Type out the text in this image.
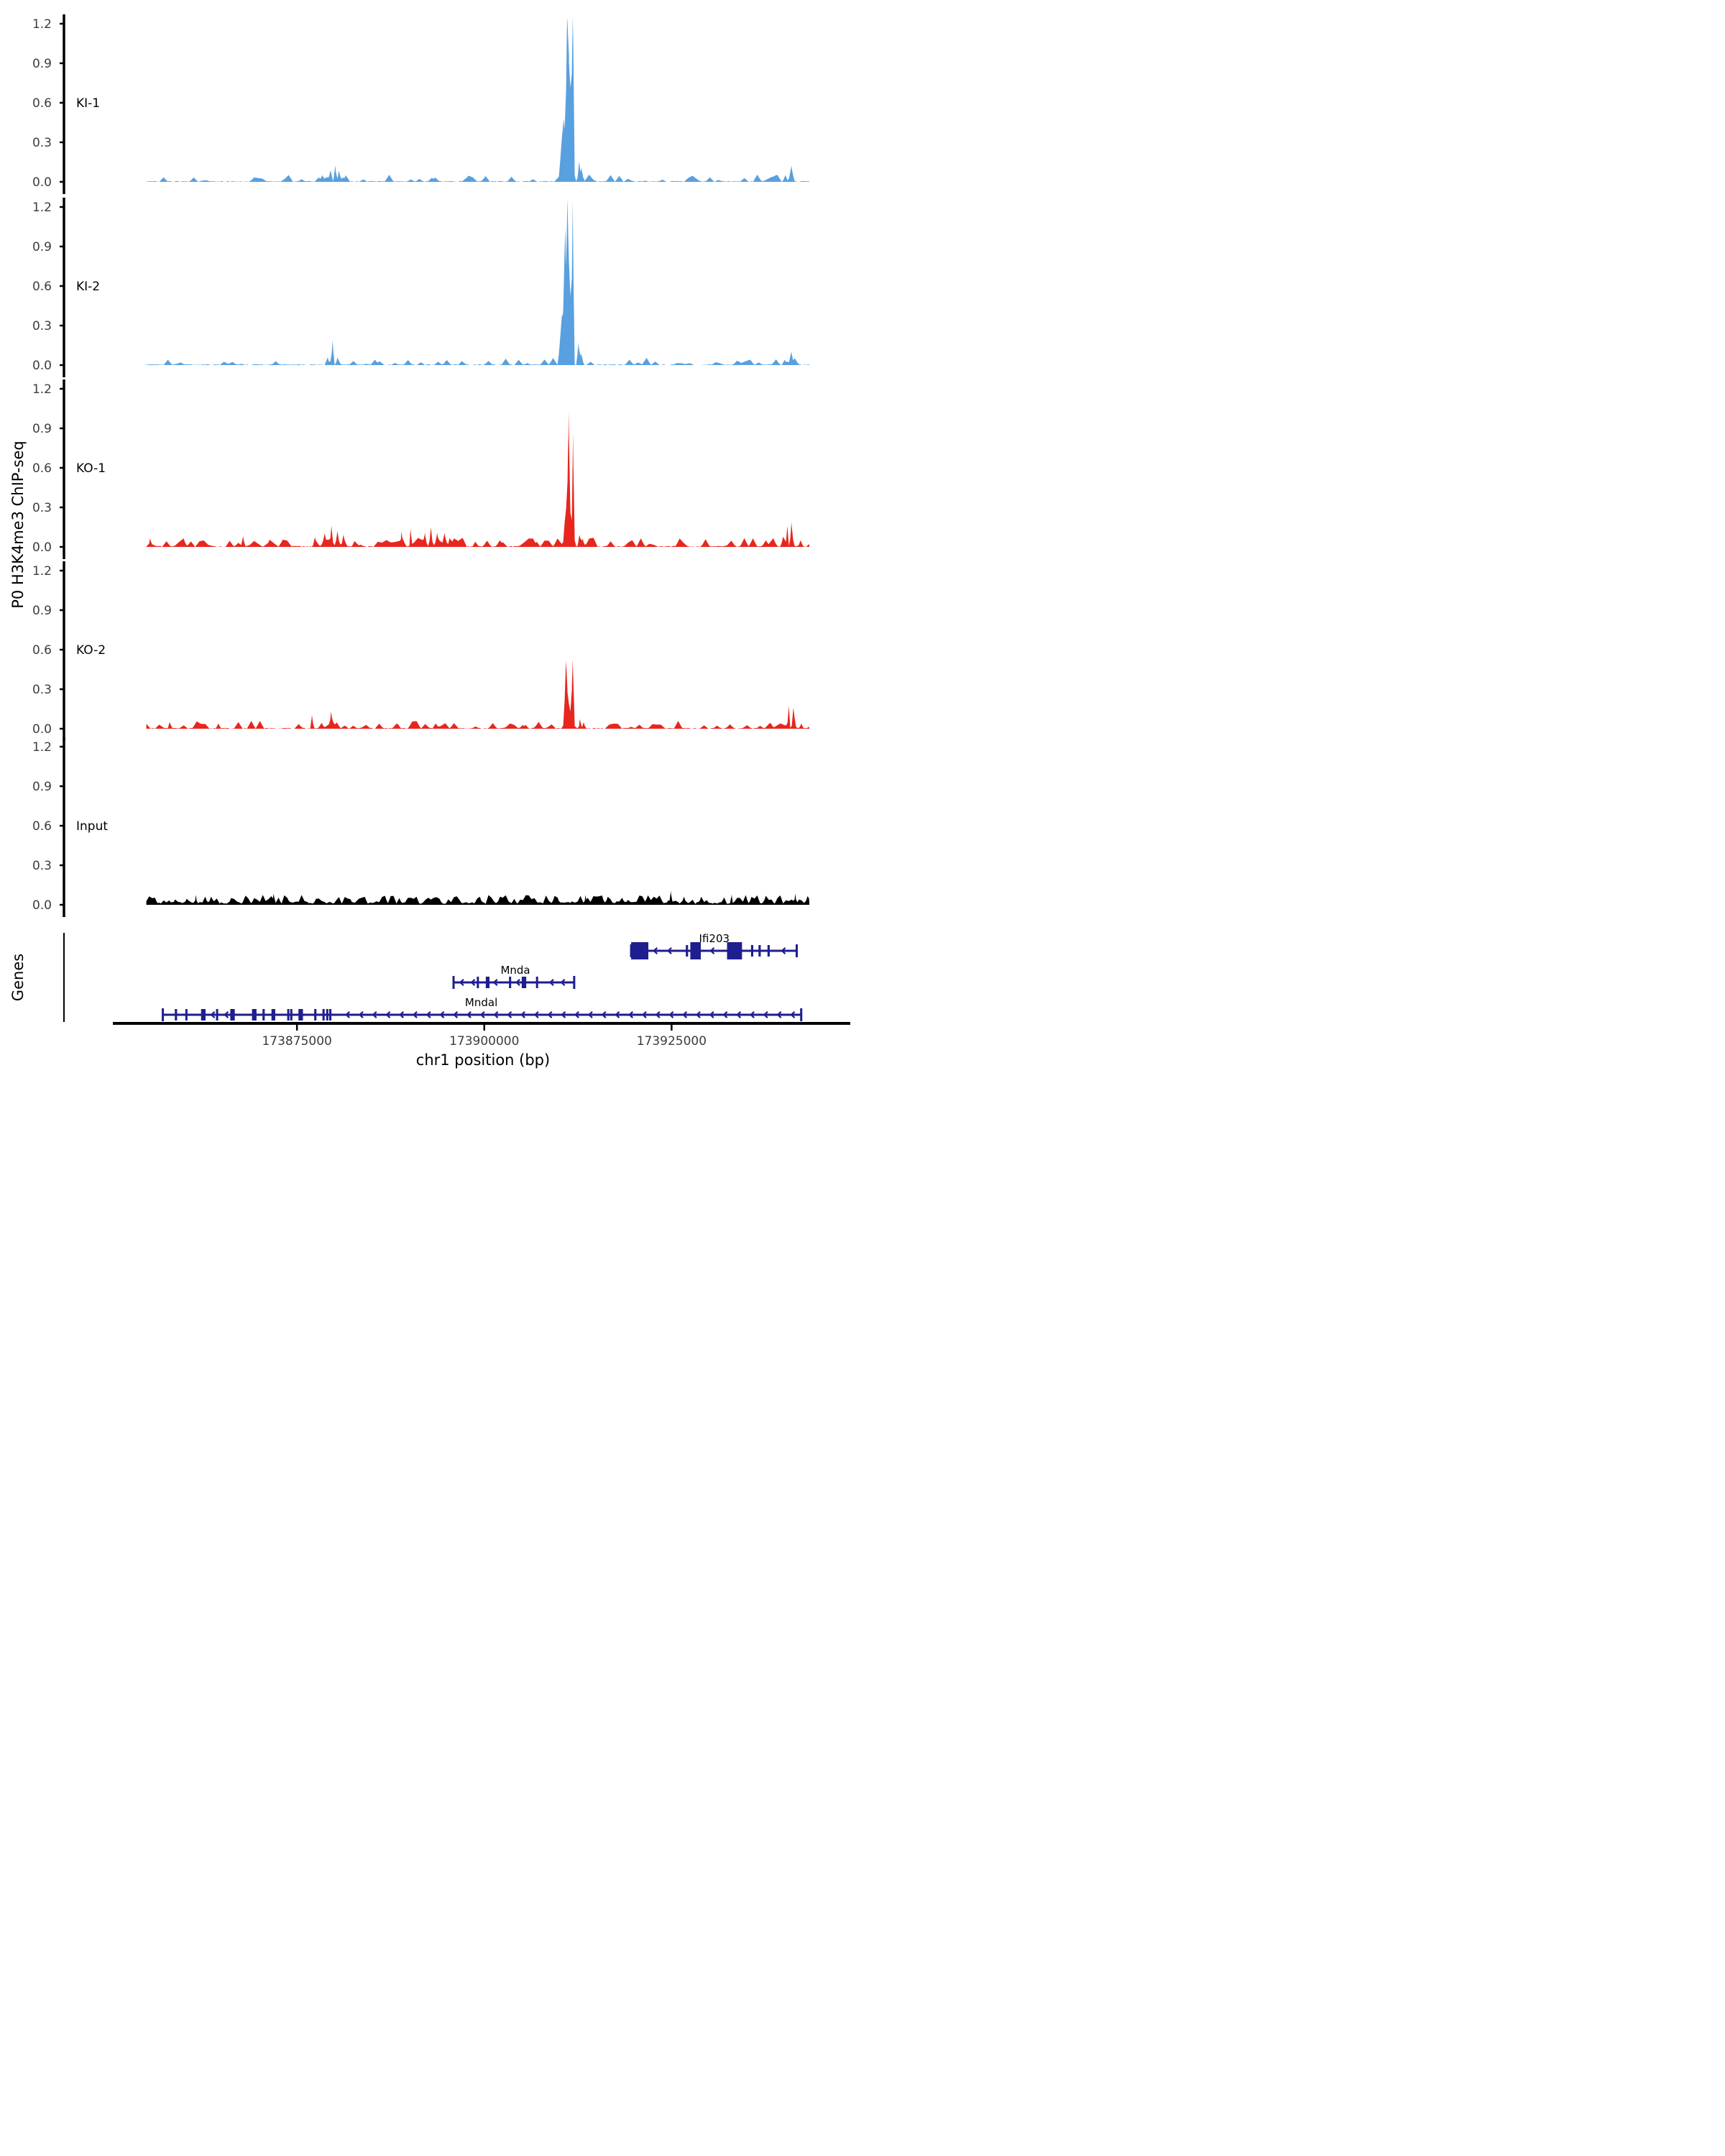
0.0
0.3
0.6
0.9
1.2
KI-1
0.0
0.3
0.6
0.9
1.2
KI-2
0.0
0.3
0.6
0.9
1.2
KO-1
0.0
0.3
0.6
0.9
1.2
KO-2
0.0
0.3
0.6
0.9
1.2
Input
Ifi203
Mnda
Mndal
173875000	173900000	173925000
P0 H3K4me3 ChIP-seq
Genes
chr1 position (bp)
